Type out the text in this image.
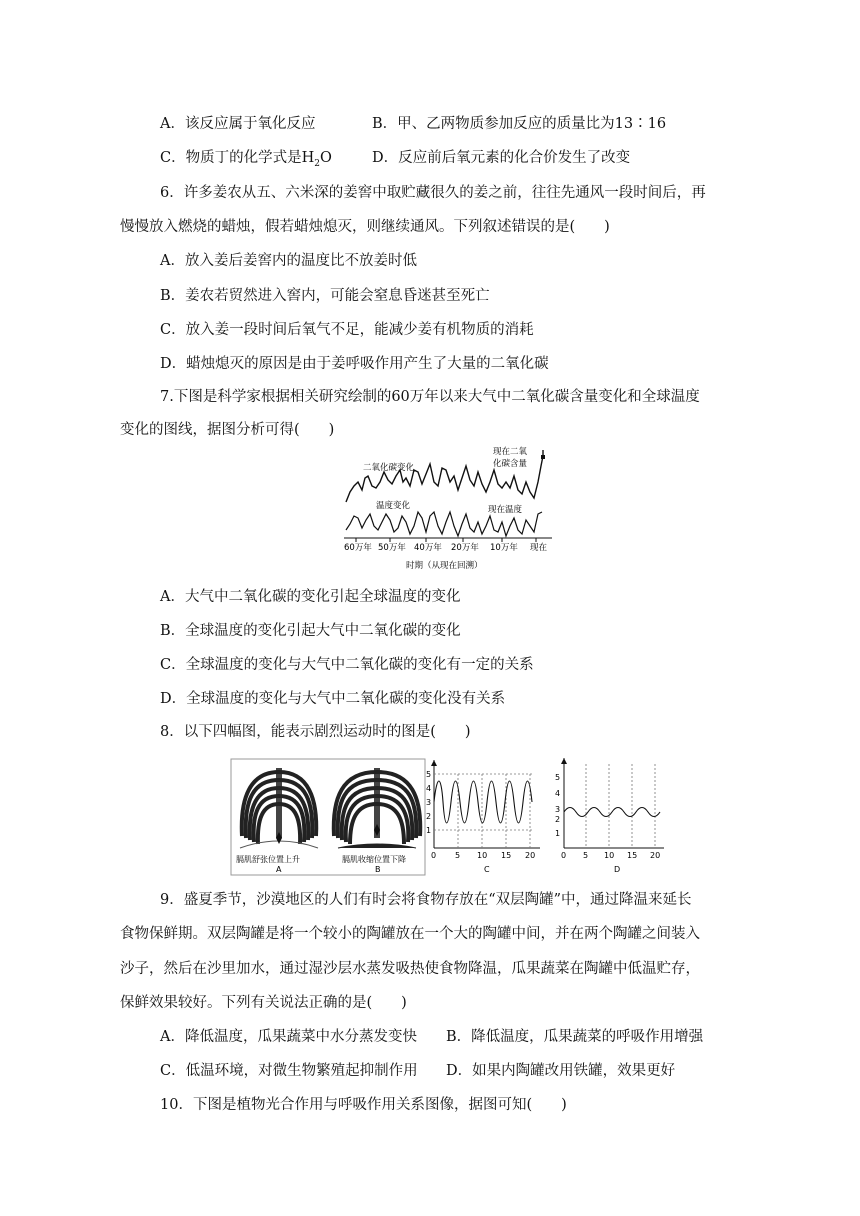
A．该反应属于氧化反应	B．甲、乙两物质参加反应的质量比为13∶16
C．物质丁的化学式是$H_2O$	D．反应前后氧元素的化合价发生了改变
6．许多姜农从五、六米深的姜窖中取贮藏很久的姜之前，往往先通风一段时间后，再
慢慢放入燃烧的蜡烛，假若蜡烛熄灭，则继续通风。下列叙述错误的是(　　)
A．放入姜后姜窖内的温度比不放姜时低
B．姜农若贸然进入窖内，可能会窒息昏迷甚至死亡
C．放入姜一段时间后氧气不足，能减少姜有机物质的消耗
D．蜡烛熄灭的原因是由于姜呼吸作用产生了大量的二氧化碳
7.下图是科学家根据相关研究绘制的60万年以来大气中二氧化碳含量变化和全球温度
变化的图线，据图分析可得(　　)
二氧化碳变化
温度变化
现在二氧
化碳含量
现在温度
60万年 50万年 40万年 20万年 10万年 现在
时期（从现在回溯）
A．大气中二氧化碳的变化引起全球温度的变化
B．全球温度的变化引起大气中二氧化碳的变化
C．全球温度的变化与大气中二氧化碳的变化有一定的关系
D．全球温度的变化与大气中二氧化碳的变化没有关系
8．以下四幅图，能表示剧烈运动时的图是(　　)
膈肌舒张位置上升
A
膈肌收缩位置下降
B
5
4
3
2
1
0 5 10 15 20
C
5
4
3
2
1
0 5 10 15 20
D
9．盛夏季节，沙漠地区的人们有时会将食物存放在“双层陶罐”中，通过降温来延长
食物保鲜期。双层陶罐是将一个较小的陶罐放在一个大的陶罐中间，并在两个陶罐之间装入
沙子，然后在沙里加水，通过湿沙层水蒸发吸热使食物降温，瓜果蔬菜在陶罐中低温贮存，
保鲜效果较好。下列有关说法正确的是(　　)
A．降低温度，瓜果蔬菜中水分蒸发变快 B．降低温度，瓜果蔬菜的呼吸作用增强
C．低温环境，对微生物繁殖起抑制作用 D．如果内陶罐改用铁罐，效果更好
10．下图是植物光合作用与呼吸作用关系图像，据图可知(　　)
